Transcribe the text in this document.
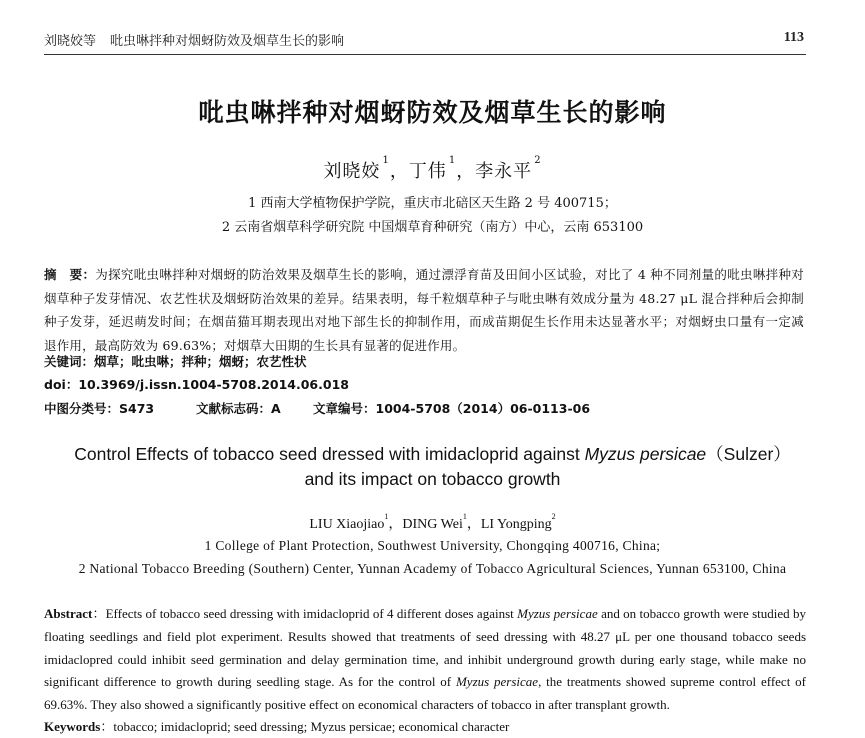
刘晓姣等 吡虫啉拌种对烟蚜防效及烟草生长的影响	113
吡虫啉拌种对烟蚜防效及烟草生长的影响
刘晓姣$^1$，丁伟$^1$，李永平$^2$
1 西南大学植物保护学院，重庆市北碚区天生路 2 号 400715；
2 云南省烟草科学研究院 中国烟草育种研究（南方）中心，云南 653100
摘　要：为探究吡虫啉拌种对烟蚜的防治效果及烟草生长的影响，通过漂浮育苗及田间小区试验，对比了 4 种不同剂量的吡虫啉拌种对烟草种子发芽情况、农艺性状及烟蚜防治效果的差异。结果表明，每千粒烟草种子与吡虫啉有效成分量为 48.27 μL 混合拌种后会抑制种子发芽，延迟萌发时间；在烟苗猫耳期表现出对地下部生长的抑制作用，而成苗期促生长作用未达显著水平；对烟蚜虫口量有一定减退作用，最高防效为 69.63%；对烟草大田期的生长具有显著的促进作用。
关键词：烟草；吡虫啉；拌种；烟蚜；农艺性状
doi：10.3969/j.issn.1004-5708.2014.06.018
中图分类号：S473	文献标志码：A	文章编号：1004-5708（2014）06-0113-06
Control Effects of tobacco seed dressed with imidacloprid against Myzus persicae（Sulzer）
and its impact on tobacco growth
LIU Xiaojiao$^1$，DING Wei$^1$，LI Yongping$^2$
1 College of Plant Protection, Southwest University, Chongqing 400716, China;
2 National Tobacco Breeding (Southern) Center, Yunnan Academy of Tobacco Agricultural Sciences, Yunnan 653100, China
Abstract：Effects of tobacco seed dressing with imidacloprid of 4 different doses against Myzus persicae and on tobacco growth were studied by floating seedlings and field plot experiment. Results showed that treatments of seed dressing with 48.27 μL per one thousand tobacco seeds imidaclopred could inhibit seed germination and delay germination time, and inhibit underground growth during early stage, while make no significant difference to growth during seedling stage. As for the control of Myzus persicae, the treatments showed supreme control effect of 69.63%. They also showed a significantly positive effect on economical characters of tobacco in after transplant growth.
Keywords：tobacco; imidacloprid; seed dressing; Myzus persicae; economical character
